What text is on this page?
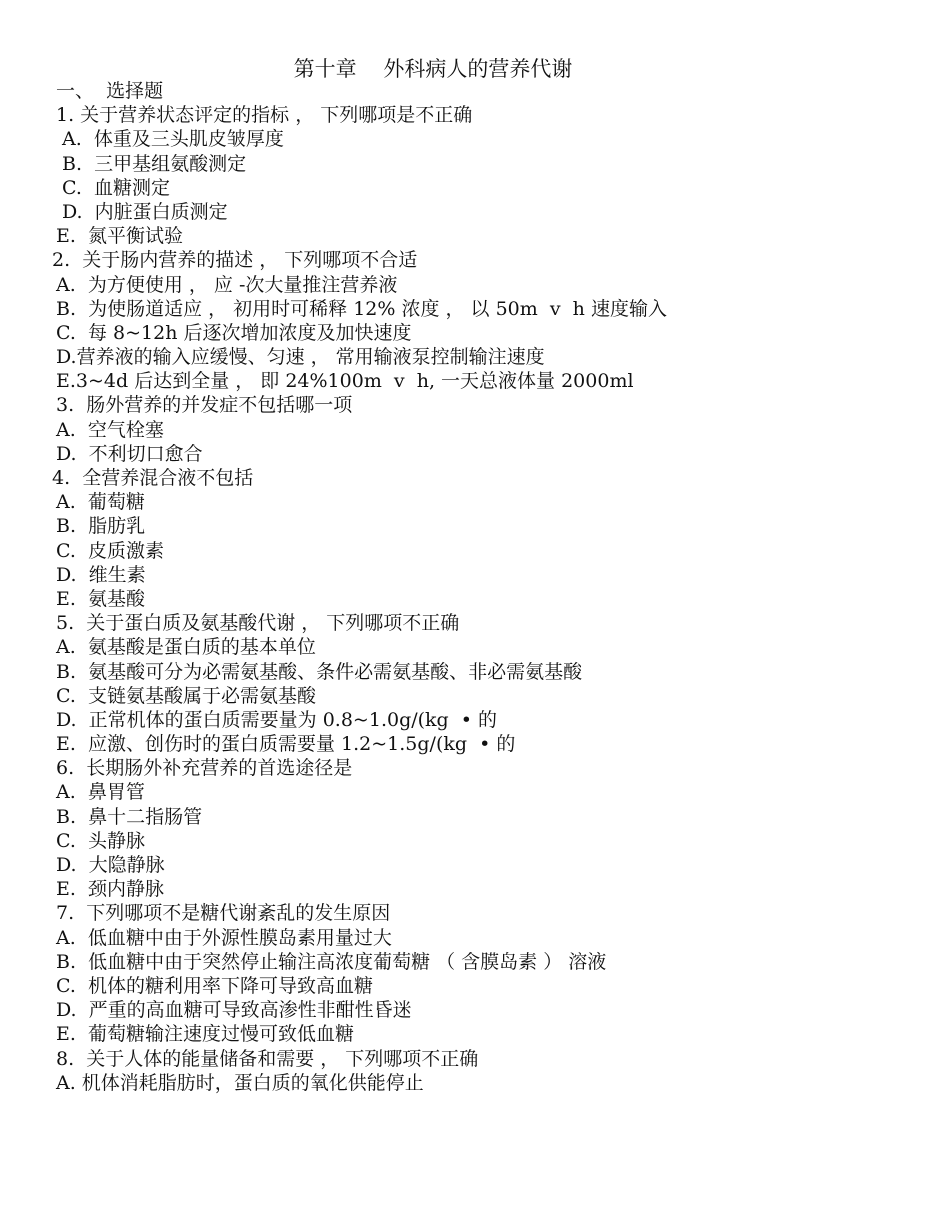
第十章    外科病人的营养代谢
一、  选择题
1. 关于营养状态评定的指标 ， 下列哪项是不正确
A.  体重及三头肌皮皱厚度
B.  三甲基组氨酸测定
C.  血糖测定
D.  内脏蛋白质测定
E.  氮平衡试验
2.  关于肠内营养的描述 ， 下列哪项不合适
A.  为方便使用 ， 应 -次大量推注营养液
B.  为使肠道适应 ， 初用时可稀释 12% 浓度 ， 以 50m  v  h 速度输入
C.  每 8~12h 后逐次增加浓度及加快速度
D.营养液的输入应缓慢、匀速 ， 常用输液泵控制输注速度
E.3~4d 后达到全量 ， 即 24%100m  v  h, 一天总液体量 2000ml
3.  肠外营养的并发症不包括哪一项
A.  空气栓塞
D.  不利切口愈合
4.  全营养混合液不包括
A.  葡萄糖
B.  脂肪乳
C.  皮质激素
D.  维生素
E.  氨基酸
5.  关于蛋白质及氨基酸代谢 ， 下列哪项不正确
A.  氨基酸是蛋白质的基本单位
B.  氨基酸可分为必需氨基酸、条件必需氨基酸、非必需氨基酸
C.  支链氨基酸属于必需氨基酸
D.  正常机体的蛋白质需要量为 0.8~1.0g/(kg  • 的
E.  应激、创伤时的蛋白质需要量 1.2~1.5g/(kg  • 的
6.  长期肠外补充营养的首选途径是
A.  鼻胃管
B.  鼻十二指肠管
C.  头静脉
D.  大隐静脉
E.  颈内静脉
7.  下列哪项不是糖代谢紊乱的发生原因
A.  低血糖中由于外源性膜岛素用量过大
B.  低血糖中由于突然停止输注高浓度葡萄糖 （ 含膜岛素 ） 溶液
C.  机体的糖利用率下降可导致高血糖
D.  严重的高血糖可导致高渗性非酣性昏迷
E.  葡萄糖输注速度过慢可致低血糖
8.  关于人体的能量储备和需要 ， 下列哪项不正确
A. 机体消耗脂肪时，蛋白质的氧化供能停止
